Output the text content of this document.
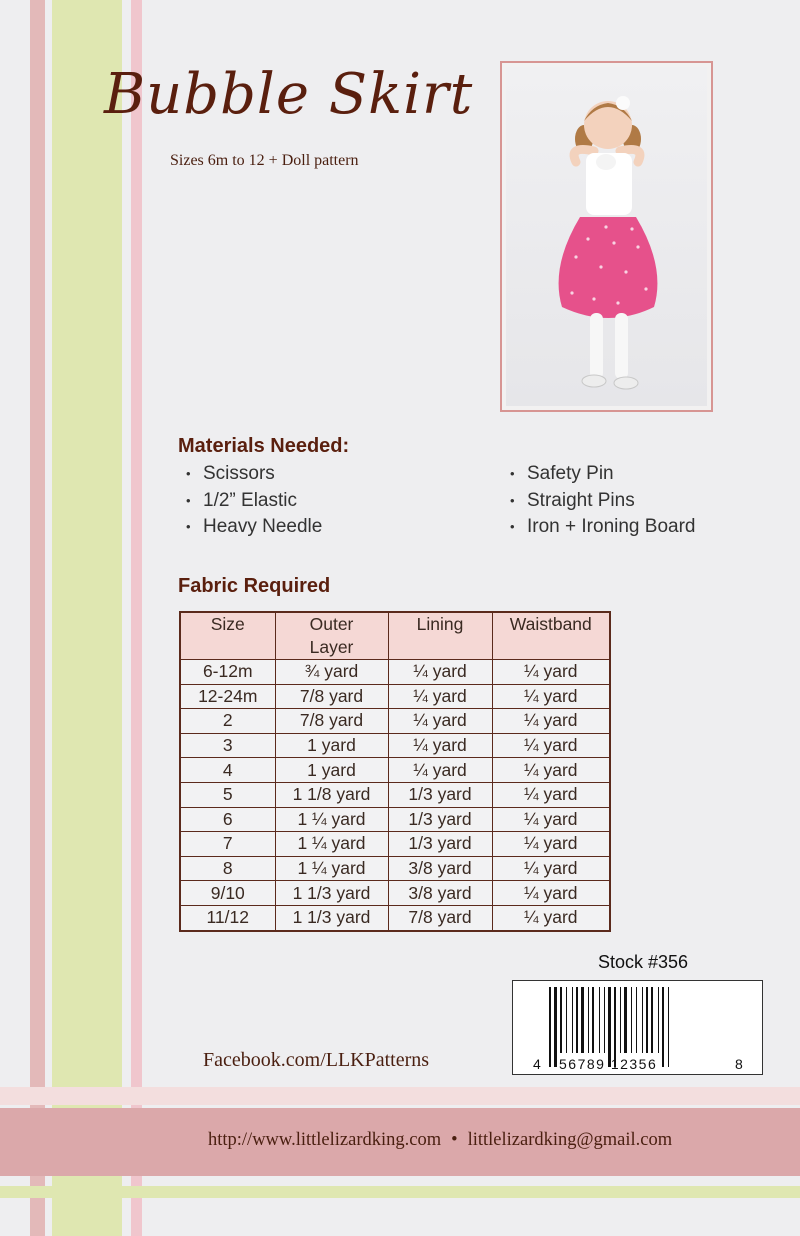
Bubble Skirt
Sizes 6m to 12 + Doll pattern
Materials Needed:
• Scissors
• 1/2” Elastic
• Heavy Needle
• Safety Pin
• Straight Pins
• Iron + Ironing Board
Fabric Required
Size	Outer Layer	Lining	Waistband
6-12m	¾ yard	¼ yard	¼ yard
12-24m	7/8 yard	¼ yard	¼ yard
2	7/8 yard	¼ yard	¼ yard
3	1 yard	¼ yard	¼ yard
4	1 yard	¼ yard	¼ yard
5	1 1/8 yard	1/3 yard	¼ yard
6	1 ¼ yard	1/3 yard	¼ yard
7	1 ¼ yard	1/3 yard	¼ yard
8	1 ¼ yard	3/8 yard	¼ yard
9/10	1 1/3 yard	3/8 yard	¼ yard
11/12	1 1/3 yard	7/8 yard	¼ yard
Stock #356
4 56789 12356	8
Facebook.com/LLKPatterns
http://www.littlelizardking.com • littlelizardking@gmail.com
